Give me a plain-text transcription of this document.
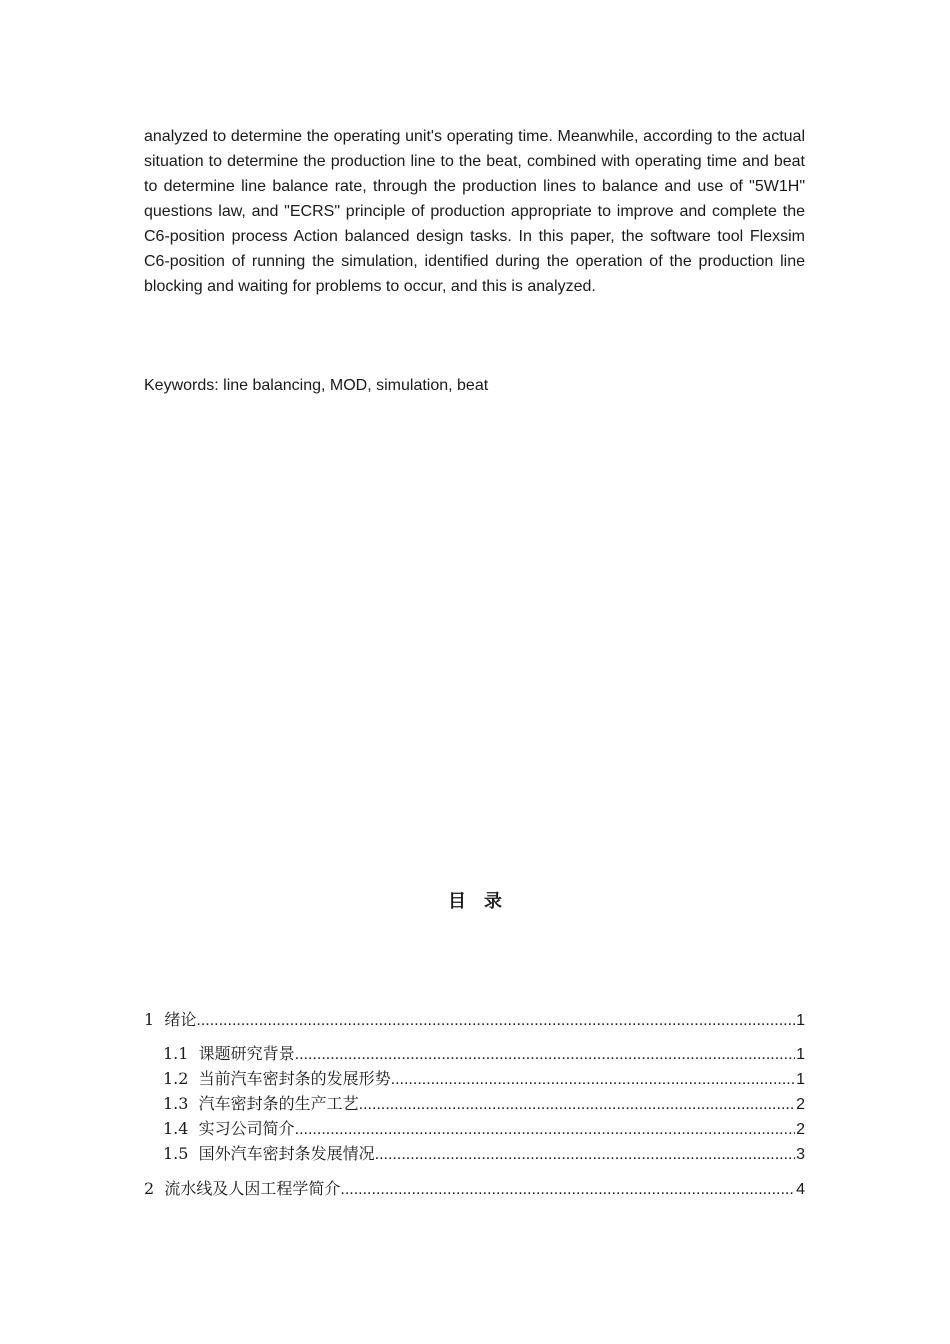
analyzed to determine the operating unit's operating time. Meanwhile, according to the actual situation to determine the production line to the beat, combined with operating time and beat to determine line balance rate, through the production lines to balance and use of "5W1H" questions law, and "ECRS" principle of production appropriate to improve and complete the C6-position process Action balanced design tasks. In this paper, the software tool Flexsim C6-position of running the simulation, identified during the operation of the production line blocking and waiting for problems to occur, and this is analyzed.

Keywords: line balancing, MOD, simulation, beat

目录
1 绪论 .....	1
1.1 课题研究背景 .....	1
1.2 当前汽车密封条的发展形势 .....	1
1.3 汽车密封条的生产工艺 .....	2
1.4 实习公司简介 .....	2
1.5 国外汽车密封条发展情况 .....	3
2 流水线及人因工程学简介 .....	4
